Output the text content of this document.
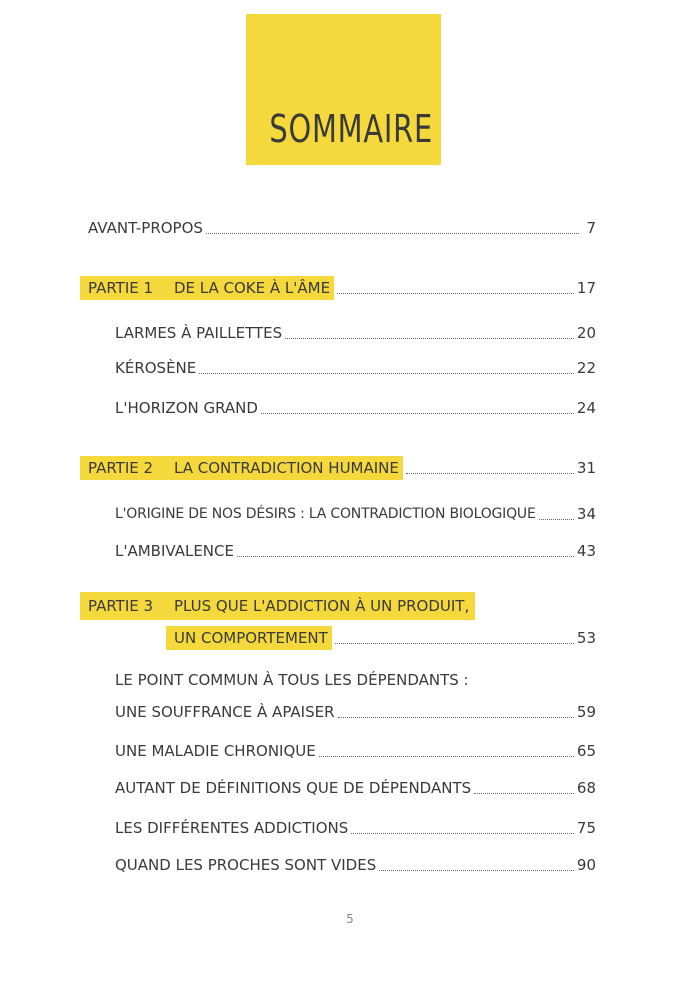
SOMMAIRE
AVANT-PROPOS	7
PARTIE 1 DE LA COKE À L'ÂME	17
LARMES À PAILLETTES	20
KÉROSÈNE	22
L'HORIZON GRAND	24
PARTIE 2 LA CONTRADICTION HUMAINE	31
L'ORIGINE DE NOS DÉSIRS : LA CONTRADICTION BIOLOGIQUE	34
L'AMBIVALENCE	43
PARTIE 3 PLUS QUE L'ADDICTION À UN PRODUIT,
UN COMPORTEMENT	53
LE POINT COMMUN À TOUS LES DÉPENDANTS :
UNE SOUFFRANCE À APAISER	59
UNE MALADIE CHRONIQUE	65
AUTANT DE DÉFINITIONS QUE DE DÉPENDANTS	68
LES DIFFÉRENTES ADDICTIONS	75
QUAND LES PROCHES SONT VIDES	90
5
